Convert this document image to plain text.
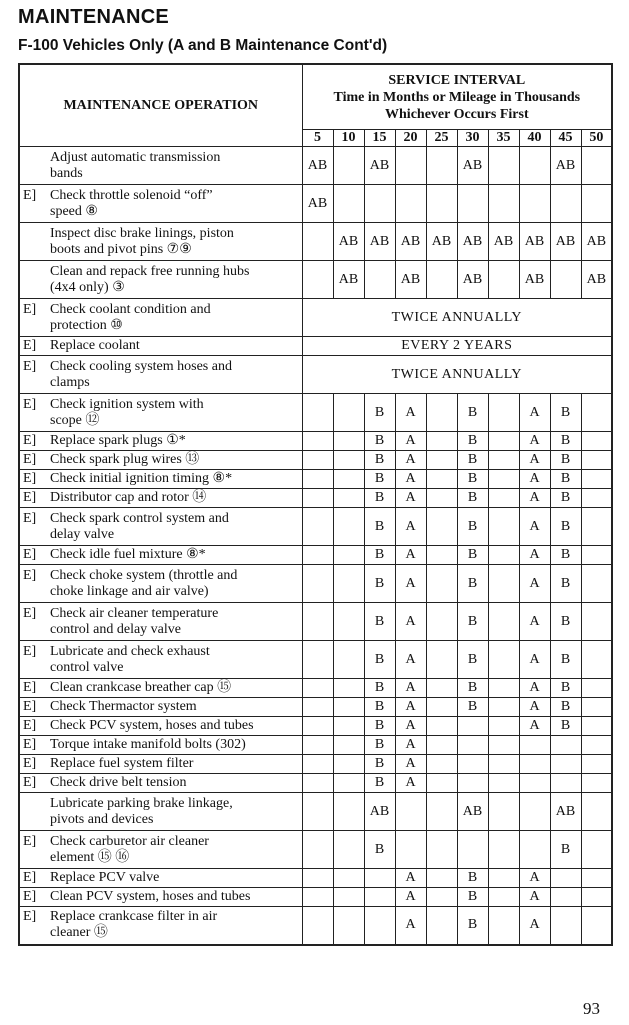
MAINTENANCE
F-100 Vehicles Only (A and B Maintenance Cont'd)
MAINTENANCE OPERATION	SERVICE INTERVAL
Time in Months or Mileage in Thousands
Whichever Occurs First									

	5	10	15	20	25	30	35	40	45	50

Adjust automatic transmission
bands	AB		AB			AB			AB	

E] Check throttle solenoid “off”
speed ⑧	AB									

Inspect disc brake linings, piston
boots and pivot pins ⑦⑨		AB	AB	AB	AB	AB	AB	AB	AB	AB

Clean and repack free running hubs
(4x4 only) ③		AB		AB		AB		AB		AB

E] Check coolant condition and
protection ⑩	TWICE ANNUALLY									

E] Replace coolant	EVERY 2 YEARS									

E] Check cooling system hoses and
clamps	TWICE ANNUALLY									

E] Check ignition system with
scope ⑫			B	A		B		A	B	

E] Replace spark plugs ①*			B	A		B		A	B	

E] Check spark plug wires ⑬			B	A		B		A	B	

E] Check initial ignition timing ⑧*			B	A		B		A	B	

E] Distributor cap and rotor ⑭			B	A		B		A	B	

E] Check spark control system and
delay valve			B	A		B		A	B	

E] Check idle fuel mixture ⑧*			B	A		B		A	B	

E] Check choke system (throttle and
choke linkage and air valve)			B	A		B		A	B	

E] Check air cleaner temperature
control and delay valve			B	A		B		A	B	

E] Lubricate and check exhaust
control valve			B	A		B		A	B	

E] Clean crankcase breather cap ⑮			B	A		B		A	B	

E] Check Thermactor system			B	A		B		A	B	

E] Check PCV system, hoses and tubes			B	A				A	B	

E] Torque intake manifold bolts (302)			B	A						

E] Replace fuel system filter			B	A						

E] Check drive belt tension			B	A						

Lubricate parking brake linkage,
pivots and devices			AB			AB			AB	

E] Check carburetor air cleaner
element ⑮ ⑯			B						B	

E] Replace PCV valve				A		B		A		

E] Clean PCV system, hoses and tubes				A		B		A		

E] Replace crankcase filter in air
cleaner ⑮				A		B		A		
93
